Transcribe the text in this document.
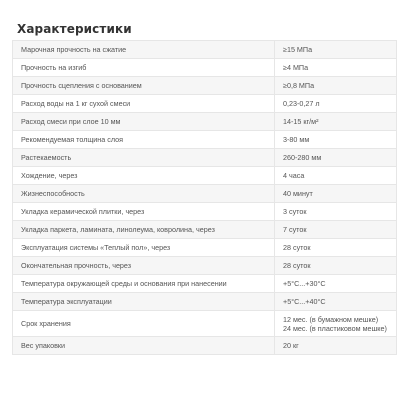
Характеристики
Марочная прочность на сжатие	≥15 МПа
Прочность на изгиб	≥4 МПа
Прочность сцепления с основанием	≥0,8 МПа
Расход воды на 1 кг сухой смеси	0,23-0,27 л
Расход смеси при слое 10 мм	14-15 кг/м²
Рекомендуемая толщина слоя	3-80 мм
Растекаемость	260-280 мм
Хождение, через	4 часа
Жизнеспособность	40 минут
Укладка керамической плитки, через	3 суток
Укладка паркета, ламината, линолеума, ковролина, через	7 суток
Эксплуатация системы «Теплый пол», через	28 суток
Окончательная прочность, через	28 суток
Температура окружающей среды и основания при нанесении	+5°С...+30°С
Температура эксплуатации	+5°С...+40°С
Срок хранения	12 мес. (в бумажном мешке)
24 мес. (в пластиковом мешке)
Вес упаковки	20 кг
